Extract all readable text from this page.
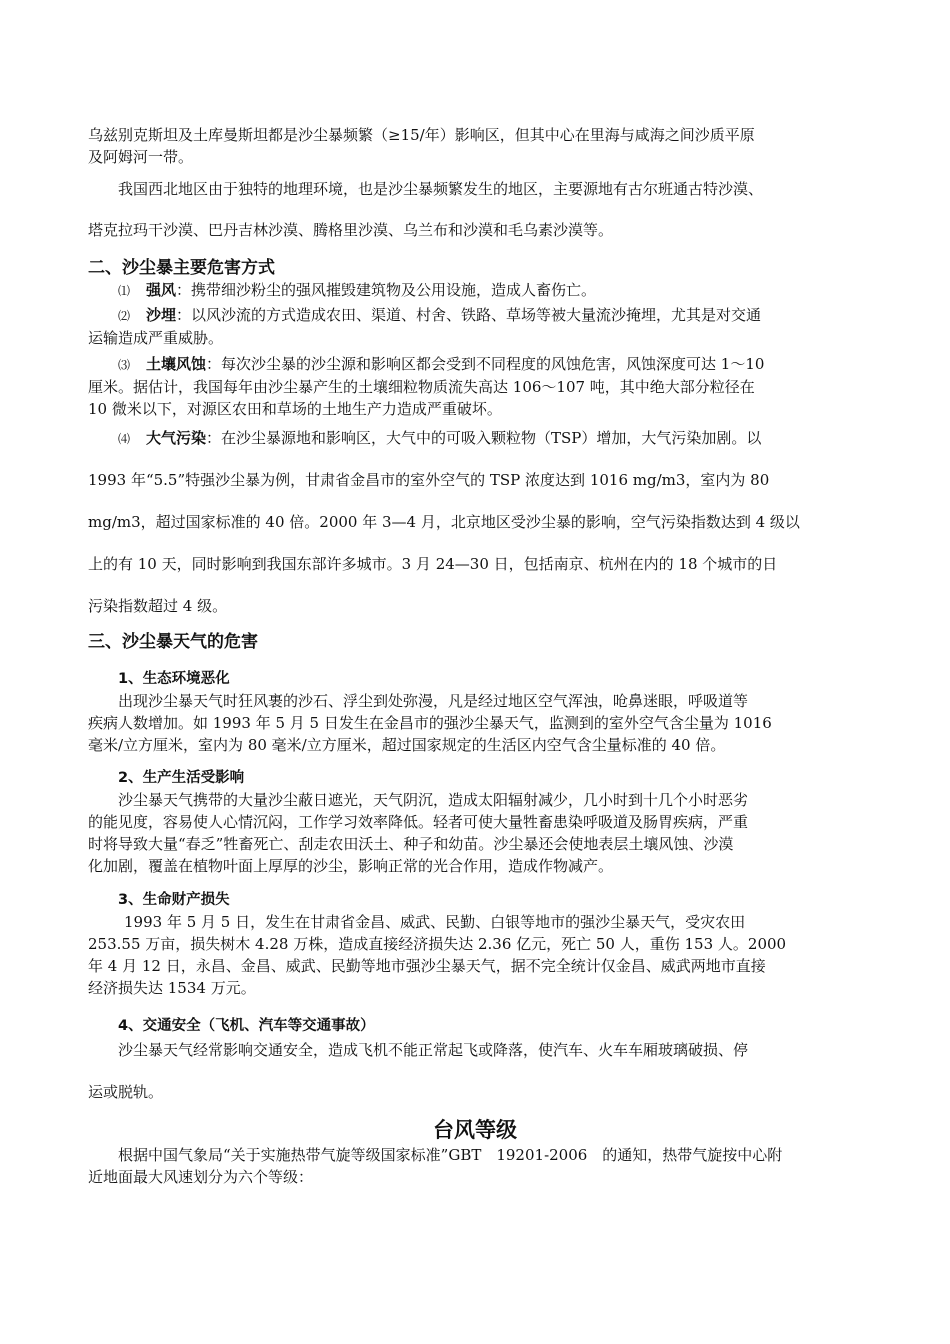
乌兹别克斯坦及土库曼斯坦都是沙尘暴频繁（≥15/年）影响区，但其中心在里海与咸海之间沙质平原
及阿姆河一带。

我国西北地区由于独特的地理环境，也是沙尘暴频繁发生的地区，主要源地有古尔班通古特沙漠、

塔克拉玛干沙漠、巴丹吉林沙漠、腾格里沙漠、乌兰布和沙漠和毛乌素沙漠等。

二、沙尘暴主要危害方式

⑴ 强风：携带细沙粉尘的强风摧毁建筑物及公用设施，造成人畜伤亡。

⑵ 沙埋：以风沙流的方式造成农田、渠道、村舍、铁路、草场等被大量流沙掩埋，尤其是对交通
运输造成严重威胁。

⑶ 土壤风蚀：每次沙尘暴的沙尘源和影响区都会受到不同程度的风蚀危害，风蚀深度可达 1～10
厘米。据估计，我国每年由沙尘暴产生的土壤细粒物质流失高达 106～107 吨，其中绝大部分粒径在
10 微米以下，对源区农田和草场的土地生产力造成严重破坏。

⑷ 大气污染：在沙尘暴源地和影响区，大气中的可吸入颗粒物（TSP）增加，大气污染加剧。以

1993 年“5.5”特强沙尘暴为例，甘肃省金昌市的室外空气的 TSP 浓度达到 1016 mg/m3，室内为 80

mg/m3，超过国家标准的 40 倍。2000 年 3—4 月，北京地区受沙尘暴的影响，空气污染指数达到 4 级以

上的有 10 天，同时影响到我国东部许多城市。3 月 24—30 日，包括南京、杭州在内的 18 个城市的日

污染指数超过 4 级。

三、沙尘暴天气的危害
1、生态环境恶化

出现沙尘暴天气时狂风裹的沙石、浮尘到处弥漫，凡是经过地区空气浑浊，呛鼻迷眼，呼吸道等
疾病人数增加。如 1993 年 5 月 5 日发生在金昌市的强沙尘暴天气，监测到的室外空气含尘量为 1016
毫米/立方厘米，室内为 80 毫米/立方厘米，超过国家规定的生活区内空气含尘量标准的 40 倍。

2、生产生活受影响

沙尘暴天气携带的大量沙尘蔽日遮光，天气阴沉，造成太阳辐射减少，几小时到十几个小时恶劣
的能见度，容易使人心情沉闷，工作学习效率降低。轻者可使大量牲畜患染呼吸道及肠胃疾病，严重
时将导致大量“春乏”牲畜死亡、刮走农田沃土、种子和幼苗。沙尘暴还会使地表层土壤风蚀、沙漠
化加剧，覆盖在植物叶面上厚厚的沙尘，影响正常的光合作用，造成作物减产。

3、生命财产损失

1993 年 5 月 5 日，发生在甘肃省金昌、威武、民勤、白银等地市的强沙尘暴天气，受灾农田
253.55 万亩，损失树木 4.28 万株，造成直接经济损失达 2.36 亿元，死亡 50 人，重伤 153 人。2000
年 4 月 12 日，永昌、金昌、威武、民勤等地市强沙尘暴天气，据不完全统计仅金昌、威武两地市直接
经济损失达 1534 万元。

4、交通安全（飞机、汽车等交通事故）

沙尘暴天气经常影响交通安全，造成飞机不能正常起飞或降落，使汽车、火车车厢玻璃破损、停

运或脱轨。

台风等级

根据中国气象局“关于实施热带气旋等级国家标准”GBT　19201-2006　的通知，热带气旋按中心附
近地面最大风速划分为六个等级：
